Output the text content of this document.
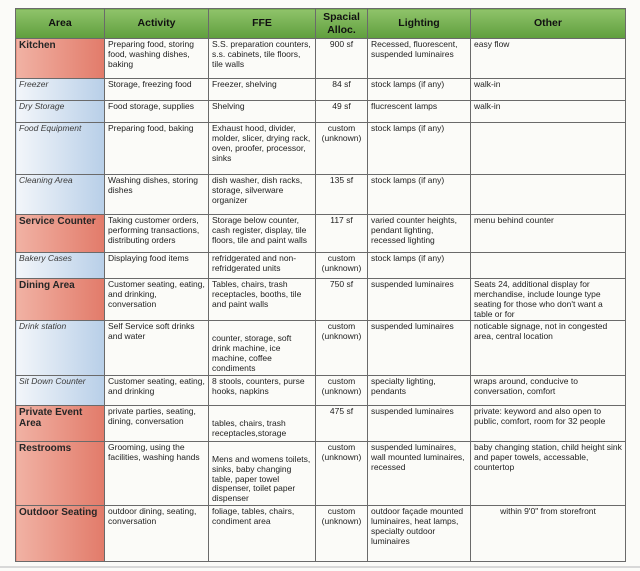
Area	Activity	FFE	Spacial Alloc.	Lighting	Other
Kitchen	Preparing food, storing food, washing dishes, baking	S.S. preparation counters, s.s. cabinets, tile floors, tile walls	900 sf	Recessed, fluorescent, suspended luminaires	easy flow
Freezer	Storage, freezing food	Freezer, shelving	84 sf	stock lamps (if any)	walk-in
Dry Storage	Food storage, supplies	Shelving	49 sf	flucrescent lamps	walk-in
Food Equipment	Preparing food, baking	Exhaust hood, divider, molder, slicer, drying rack, oven, proofer, processor, sinks	custom (unknown)	stock lamps (if any)	
Cleaning Area	Washing dishes, storing dishes	dish washer, dish racks, storage, silverware organizer	135 sf	stock lamps (if any)	
Service Counter	Taking customer orders, performing transactions, distributing orders	Storage below counter, cash register, display, tile floors, tile and paint walls	117 sf	varied counter heights, pendant lighting, recessed lighting	menu behind counter
Bakery Cases	Displaying food items	refridgerated and non-refridgerated units	custom (unknown)	stock lamps (if any)	
Dining Area	Customer seating, eating, and drinking, conversation	Tables, chairs, trash receptacles, booths, tile and paint walls	750 sf	suspended luminaires	Seats 24, additional display for merchandise, include lounge type seating for those who don't want a table or for
Drink station	Self Service soft drinks and water	counter, storage, soft drink machine, ice machine, coffee condiments	custom (unknown)	suspended luminaires	noticable signage, not in congested area, central location
Sit Down Counter	Customer seating, eating, and drinking	8 stools, counters, purse hooks, napkins	custom (unknown)	specialty lighting, pendants	wraps around, conducive to conversation, comfort
Private Event Area	private parties, seating, dining, conversation	tables, chairs, trash receptacles,storage	475 sf	suspended luminaires	private: keyword and also open to public, comfort, room for 32 people
Restrooms	Grooming, using the facilities, washing hands	Mens and womens toilets, sinks, baby changing table, paper towel dispenser, toilet paper dispenser	custom (unknown)	suspended luminaires, wall mounted luminaires, recessed	baby changing station, child height sink and paper towels, accessable, countertop
Outdoor Seating	outdoor dining, seating, conversation	foliage, tables, chairs, condiment area	custom (unknown)	outdoor façade mounted luminaires, heat lamps, specialty outdoor luminaires	within 9'0" from storefront
